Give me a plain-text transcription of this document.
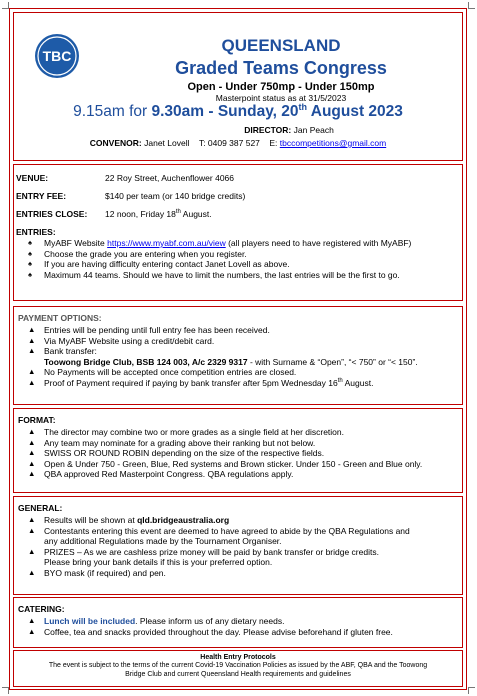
TBC
QUEENSLAND
Graded Teams Congress
Open - Under 750mp - Under 150mp
Masterpoint status as at 31/5/2023
9.15am for 9.30am - Sunday, 20th August 2023
DIRECTOR: Jan Peach
CONVENOR: Janet Lovell T: 0409 387 527 E: tbccompetitions@gmail.com
VENUE:	22 Roy Street, Auchenflower 4066
ENTRY FEE:	$140 per team (or 140 bridge credits)
ENTRIES CLOSE: 12 noon, Friday 18th August.
ENTRIES:
♠ MyABF Website https://www.myabf.com.au/view (all players need to have registered with MyABF)
♠ Choose the grade you are entering when you register.
♠ If you are having difficulty entering contact Janet Lovell as above.
♠ Maximum 44 teams. Should we have to limit the numbers, the last entries will be the first to go.
PAYMENT OPTIONS:
▲ Entries will be pending until full entry fee has been received.
▲ Via MyABF Website using a credit/debit card.
▲ Bank transfer:
Toowong Bridge Club, BSB 124 003, A/c 2329 9317 - with Surname & “Open”, “< 750” or “< 150”.
▲ No Payments will be accepted once competition entries are closed.
▲ Proof of Payment required if paying by bank transfer after 5pm Wednesday 16th August.
FORMAT:
▲ The director may combine two or more grades as a single field at her discretion.
▲ Any team may nominate for a grading above their ranking but not below.
▲ SWISS OR ROUND ROBIN depending on the size of the respective fields.
▲ Open & Under 750 - Green, Blue, Red systems and Brown sticker. Under 150 - Green and Blue only.
▲ QBA approved Red Masterpoint Congress. QBA regulations apply.
GENERAL:
▲ Results will be shown at qld.bridgeaustralia.org
▲ Contestants entering this event are deemed to have agreed to abide by the QBA Regulations and
any additional Regulations made by the Tournament Organiser.
▲ PRIZES – As we are cashless prize money will be paid by bank transfer or bridge credits.
Please bring your bank details if this is your preferred option.
▲ BYO mask (if required) and pen.
CATERING:
▲ Lunch will be included. Please inform us of any dietary needs.
▲ Coffee, tea and snacks provided throughout the day. Please advise beforehand if gluten free.
Health Entry Protocols
The event is subject to the terms of the current Covid-19 Vaccination Policies as issued by the ABF, QBA and the Toowong Bridge Club and current Queensland Health requirements and guidelines
